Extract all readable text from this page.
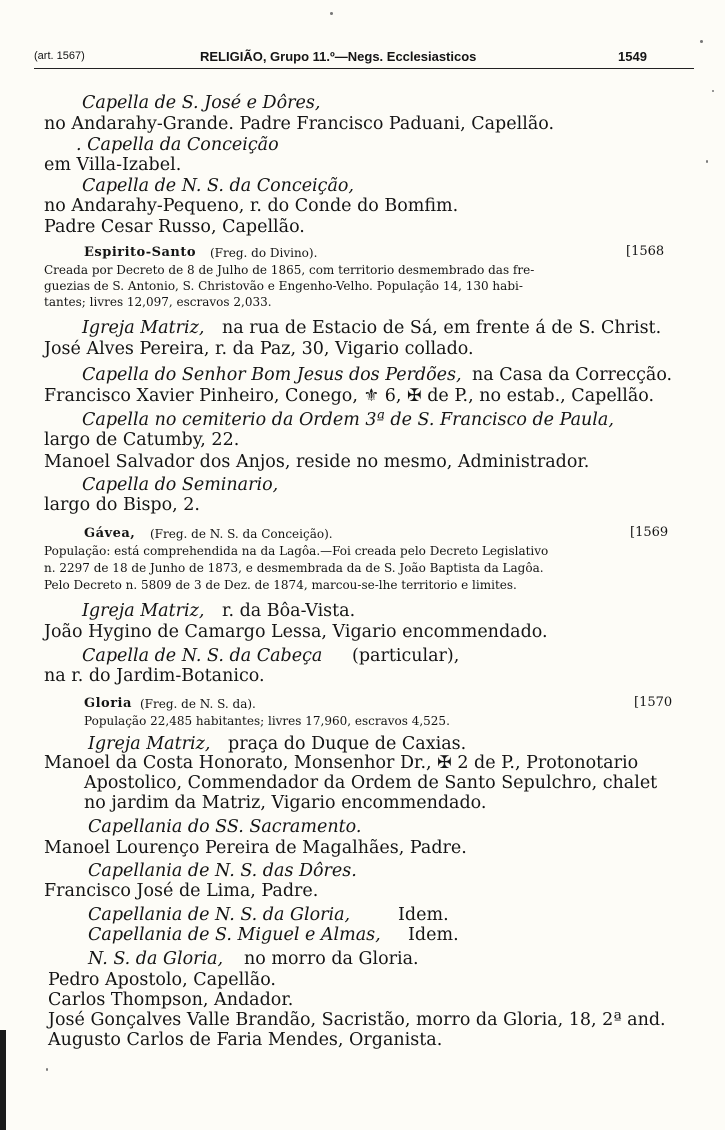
(art. 1567)	RELIGIÃO, Grupo 11.º—Negs. Ecclesiasticos	1549
Capella de S. José e Dôres,
no Andarahy-Grande. Padre Francisco Paduani, Capellão.
. Capella da Conceição
em Villa-Izabel.
Capella de N. S. da Conceição,
no Andarahy-Pequeno, r. do Conde do Bomfim.
Padre Cesar Russo, Capellão.
Espirito-Santo (Freg. do Divino).	[1568
Creada por Decreto de 8 de Julho de 1865, com territorio desmembrado das fre-
guezias de S. Antonio, S. Christovão e Engenho-Velho. População 14, 130 habi-
tantes; livres 12,097, escravos 2,033.
Igreja Matriz, na rua de Estacio de Sá, em frente á de S. Christ.
José Alves Pereira, r. da Paz, 30, Vigario collado.
Capella do Senhor Bom Jesus dos Perdões, na Casa da Correcção.
Francisco Xavier Pinheiro, Conego, ⚜ 6, ✠ de P., no estab., Capellão.
Capella no cemiterio da Ordem 3ª de S. Francisco de Paula,
largo de Catumby, 22.
Manoel Salvador dos Anjos, reside no mesmo, Administrador.
Capella do Seminario,
largo do Bispo, 2.
Gávea, (Freg. de N. S. da Conceição).	[1569
População: está comprehendida na da Lagôa.—Foi creada pelo Decreto Legislativo
n. 2297 de 18 de Junho de 1873, e desmembrada da de S. João Baptista da Lagôa.
Pelo Decreto n. 5809 de 3 de Dez. de 1874, marcou-se-lhe territorio e limites.
Igreja Matriz, r. da Bôa-Vista.
João Hygino de Camargo Lessa, Vigario encommendado.
Capella de N. S. da Cabeça (particular),
na r. do Jardim-Botanico.
Gloria (Freg. de N. S. da).	[1570
População 22,485 habitantes; livres 17,960, escravos 4,525.
Igreja Matriz, praça do Duque de Caxias.
Manoel da Costa Honorato, Monsenhor Dr., ✠ 2 de P., Protonotario
Apostolico, Commendador da Ordem de Santo Sepulchro, chalet
no jardim da Matriz, Vigario encommendado.
Capellania do SS. Sacramento.
Manoel Lourenço Pereira de Magalhães, Padre.
Capellania de N. S. das Dôres.
Francisco José de Lima, Padre.
Capellania de N. S. da Gloria,	Idem.
Capellania de S. Miguel e Almas, Idem.
N. S. da Gloria, no morro da Gloria.
Pedro Apostolo, Capellão.
Carlos Thompson, Andador.
José Gonçalves Valle Brandão, Sacristão, morro da Gloria, 18, 2ª and.
Augusto Carlos de Faria Mendes, Organista.
